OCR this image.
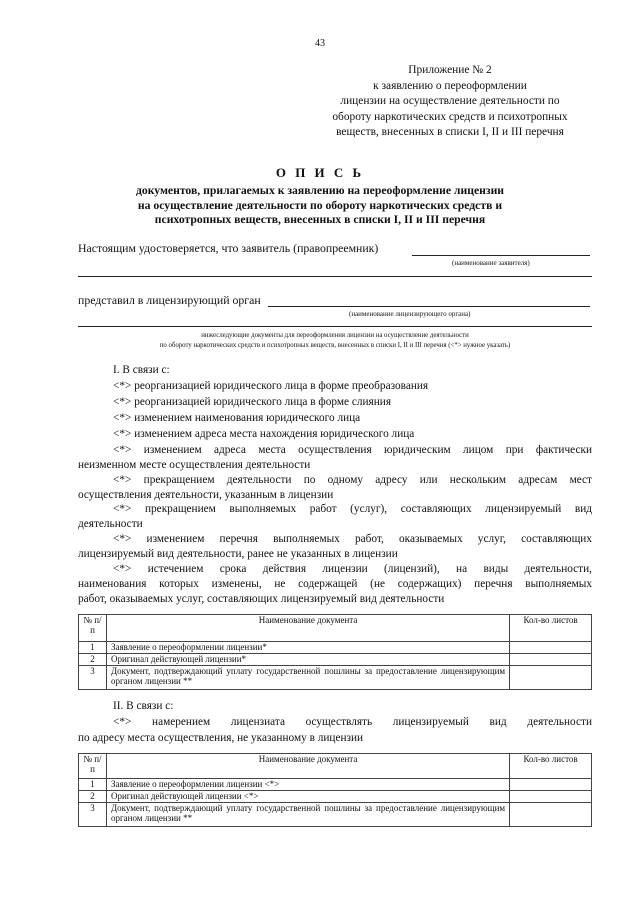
43
Приложение № 2
к заявлению о переоформлении
лицензии на осуществление деятельности по
обороту наркотических средств и психотропных
веществ, внесенных в списки I, II и III перечня
О П И С Ь
документов, прилагаемых к заявлению на переоформление лицензии
на осуществление деятельности по обороту наркотических средств и
психотропных веществ, внесенных в списки I, II и III перечня
Настоящим удостоверяется, что заявитель (правопреемник)
(наименование заявителя)
представил в лицензирующий орган
(наименование лицензирующего органа)
нижеследующие документы для переоформления лицензии на осуществление деятельности
по обороту наркотических средств и психотропных веществ, внесенных в списки I, II и III перечня (<*> нужное указать)
I. В связи с:
<*> реорганизацией юридического лица в форме преобразования
<*> реорганизацией юридического лица в форме слияния
<*> изменением наименования юридического лица
<*> изменением адреса места нахождения юридического лица
<*> изменением адреса места осуществления юридическим лицом при фактически
неизменном месте осуществления деятельности
<*> прекращением деятельности по одному адресу или нескольким адресам мест
осуществления деятельности, указанным в лицензии
<*> прекращением выполняемых работ (услуг), составляющих лицензируемый вид
деятельности
<*> изменением перечня выполняемых работ, оказываемых услуг, составляющих
лицензируемый вид деятельности, ранее не указанных в лицензии
<*> истечением срока действия лицензии (лицензий), на виды деятельности,
наименования которых изменены, не содержащей (не содержащих) перечня выполняемых
работ, оказываемых услуг, составляющих лицензируемый вид деятельности
№ п/п	Наименование документа	Кол-во листов
1	Заявление о переоформлении лицензии*	
2	Оригинал действующей лицензии*	
3	Документ, подтверждающий уплату государственной пошлины за предоставление лицензирующим органом лицензии **	
II. В связи с:
<*> намерением лицензиата осуществлять лицензируемый вид деятельности
по адресу места осуществления, не указанному в лицензии
№ п/п	Наименование документа	Кол-во листов
1	Заявление о переоформлении лицензии <*>	
2	Оригинал действующей лицензии <*>	
3	Документ, подтверждающий уплату государственной пошлины за предоставление лицензирующим органом лицензии **	
